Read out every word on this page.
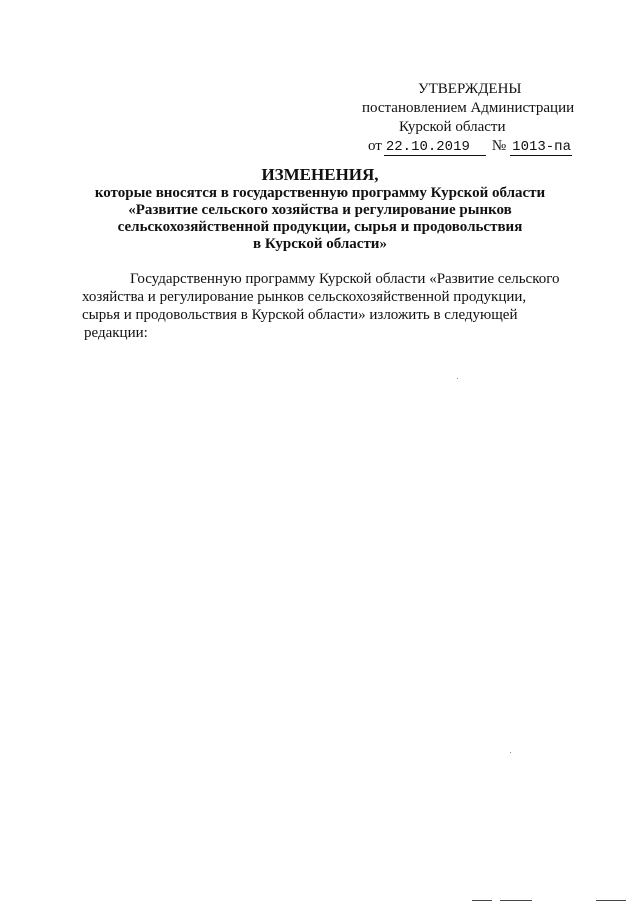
УТВЕРЖДЕНЫ
постановлением Администрации
Курской области
от 22.10.2019	№ 1013-па
ИЗМЕНЕНИЯ,
которые вносятся в государственную программу Курской области
«Развитие сельского хозяйства и регулирование рынков
сельскохозяйственной продукции, сырья и продовольствия
в Курской области»
Государственную программу Курской области «Развитие сельского
хозяйства и регулирование рынков сельскохозяйственной продукции,
сырья и продовольствия в Курской области» изложить в следующей
редакции:
